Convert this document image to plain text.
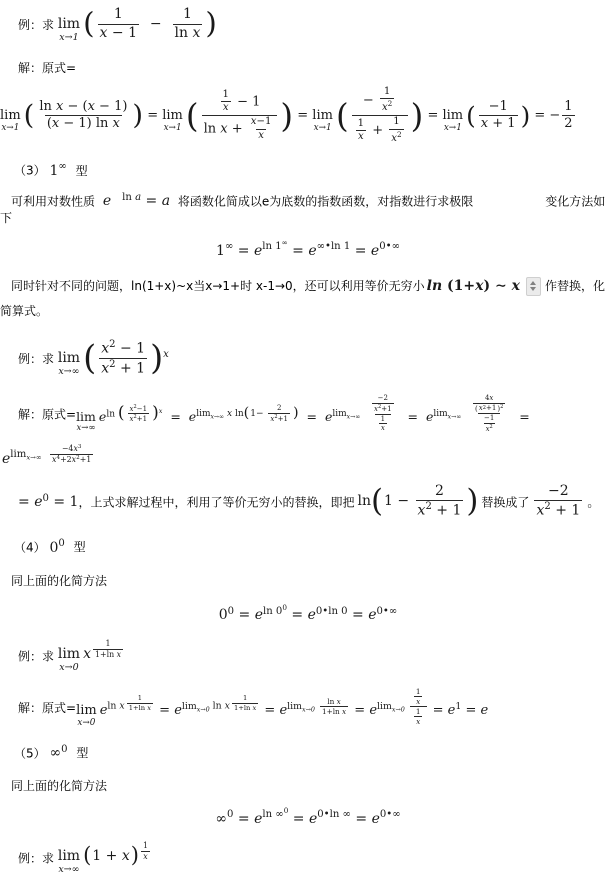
例：求 lim
x→1 ( 1
x − 1
− $\frac{1}{\text{ln x}}$ )
解：原式=
lim
x→1 ( ln x − (x − 1)
(x − 1) ln x ) = lim
x→1 ( $\frac{1}{x} - 1$
$\ln x + \frac{x-1}{x}$ ) = lim
x→1 ( − $\frac{1}{x2}$
$\frac{1}{x} + \frac{1}{x2}$ ) = lim
x→1 ( −1
x + 1 ) = − $\frac{1}{2}$
（3） 1∞ 型
可利用对数性质 e ln a = a 将函数化简成以e为底数的指数函数，对指数进行求极限	变化方法如下
1∞ = eln 1∞ = e∞•ln 1 = e0•∞
同时针对不同的问题，ln(1+x)~x当x→1+时 x-1→0，还可以利用等价无穷小 ln (1+x) ∼ x 作替换，化简算式。
例：求 lim
x→∞ ( x2 − 1
x2 + 1 ) x
解：原式= lim
x→∞
eln ( x2−1
x2+1 ) x  =  elim$_{x\to\infty}$ x ln ( $1- \frac{2}{x2+1}$ ) =  $elim_{x\to\infty} \frac{\frac{-2}{x2+1}}{\frac{1}{x}} = elim_{x\to\infty} \frac{\frac{4x}{( x 2 +1 ) 2}}{\frac{-1}{x2}}$ =
$elim_{x\to\infty} \frac{-4x3}{x4+2x2+1}$
= e0 = 1，上式求解过程中，利用了等价无穷小的替换，即把 ln ( $1 - \frac{2}{x2 + 1}$ ) 替换成了 $\frac{-2}{x2 + 1}$ 。
（4） 00 型
同上面的化简方法
00 = eln 00 = e0•ln 0 = e0•∞
例：求 lim
x→0
x $\frac{1}{\text{1+ln x}}$
解：原式= lim
x→0
eln x $\frac{1}{\text{1+ln x}} = elim_{x\to 0}$ ln x $\frac{1}{\text{1+ln x}} = elim_{x\to 0} \frac{\text{ln x}}{\text{1+ln x}} = elim_{x\to 0} \frac{\frac{1}{x}}{\frac{1}{x}} = e1 = e$
（5） ∞0 型
同上面的化简方法
∞0 = eln ∞0 = e0•ln ∞ = e0•∞
例：求 lim
x→∞
( 1 + x ) $\frac{1}{x}$
